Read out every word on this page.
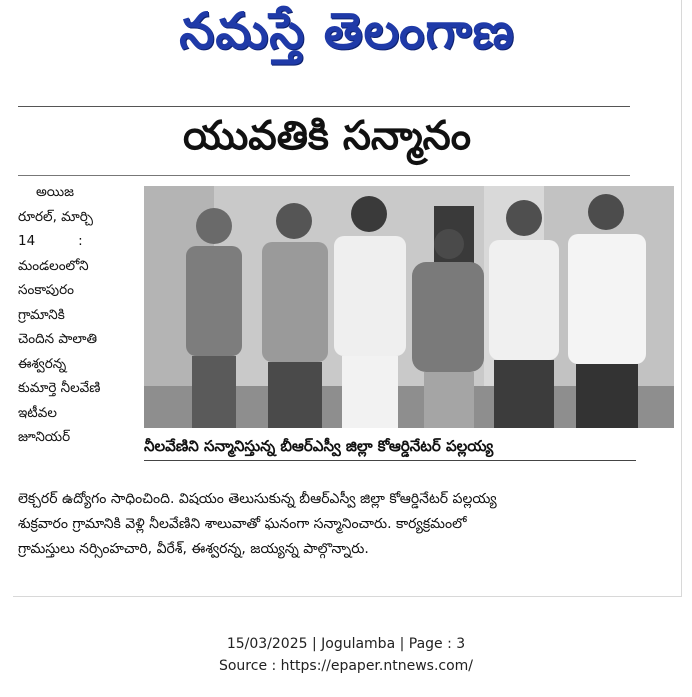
నమస్తే తెలంగాణ
యువతికి సన్మానం
అయిజ
రూరల్, మార్చి
14          :
మండలంలోని
సంకాపురం
గ్రామానికి
చెందిన పాలాతి
ఈశ్వరన్న
కుమార్తె నీలవేణి
ఇటీవల
జూనియర్	నీలవేణిని సన్మానిస్తున్న బీఆర్ఎస్వీ జిల్లా కోఆర్డినేటర్ పల్లయ్య
లెక్చరర్ ఉద్యోగం సాధించింది. విషయం తెలుసుకున్న బీఆర్ఎస్వీ జిల్లా కోఆర్డినేటర్ పల్లయ్య
శుక్రవారం గ్రామానికి వెళ్లి నీలవేణిని శాలువాతో ఘనంగా సన్మానించారు. కార్యక్రమంలో
గ్రామస్తులు నర్సింహచారి, వీరేశ్, ఈశ్వరన్న, జయ్యన్న పాల్గొన్నారు.
15/03/2025 | Jogulamba | Page : 3
Source : https://epaper.ntnews.com/
